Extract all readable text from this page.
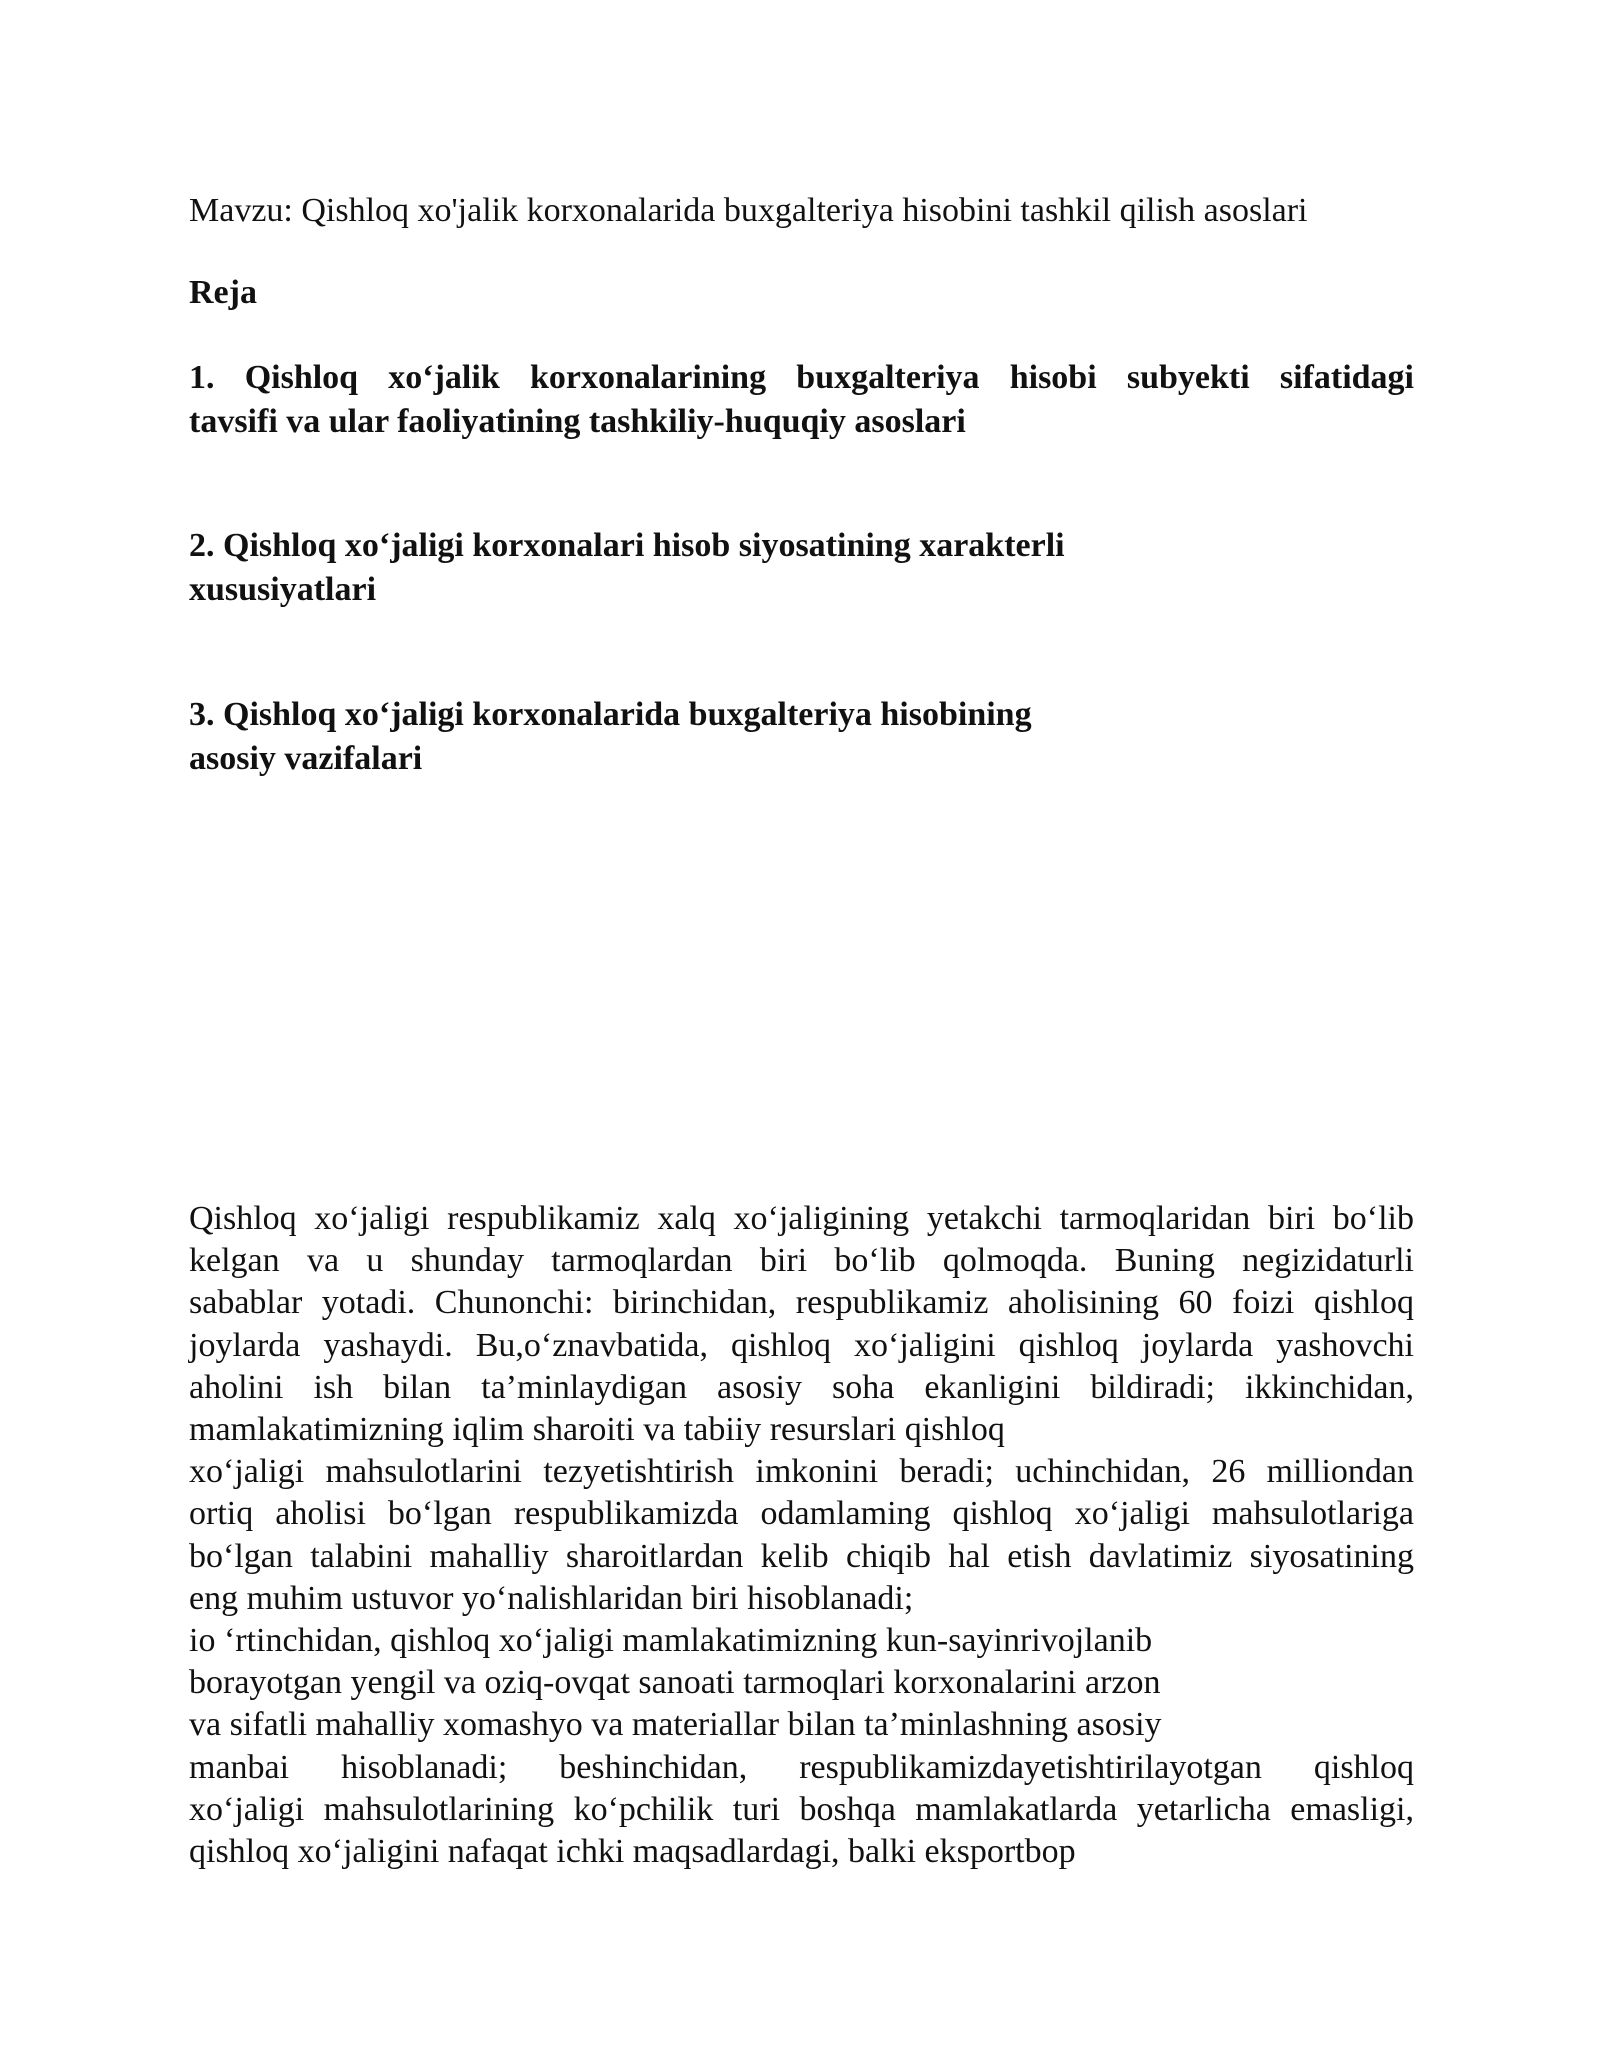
Mavzu: Qishloq xo'jalik korxonalarida buxgalteriya hisobini tashkil qilish asoslari

Reja

1. Qishloq xo‘jalik korxonalarining buxgalteriya hisobi subyekti sifatidagi
tavsifi va ular faoliyatining tashkiliy-huquqiy asoslari
2. Qishloq xo‘jaligi korxonalari hisob siyosatining xarakterli
xususiyatlari
3. Qishloq xo‘jaligi korxonalarida buxgalteriya hisobining
asosiy vazifalari
Qishloq xo‘jaligi respublikamiz xalq xo‘jaligining yetakchi tarmoqlaridan biri bo‘lib
kelgan va u shunday tarmoqlardan biri bo‘lib qolmoqda. Buning negizidaturli
sabablar yotadi. Chunonchi: birinchidan, respublikamiz aholisining 60 foizi qishloq
joylarda yashaydi. Bu,o‘znavbatida, qishloq xo‘jaligini qishloq joylarda yashovchi
aholini ish bilan ta’minlaydigan asosiy soha ekanligini bildiradi; ikkinchidan,
mamlakatimizning iqlim sharoiti va tabiiy resurslari qishloq
xo‘jaligi mahsulotlarini tezyetishtirish imkonini beradi; uchinchidan, 26 milliondan
ortiq aholisi bo‘lgan respublikamizda odamlaming qishloq xo‘jaligi mahsulotlariga
bo‘lgan talabini mahalliy sharoitlardan kelib chiqib hal etish davlatimiz siyosatining
eng muhim ustuvor yo‘nalishlaridan biri hisoblanadi;
io ‘rtinchidan, qishloq xo‘jaligi mamlakatimizning kun-sayinrivojlanib
borayotgan yengil va oziq-ovqat sanoati tarmoqlari korxonalarini arzon
va sifatli mahalliy xomashyo va materiallar bilan ta’minlashning asosiy
manbai hisoblanadi; beshinchidan, respublikamizdayetishtirilayotgan qishloq
xo‘jaligi mahsulotlarining ko‘pchilik turi boshqa mamlakatlarda yetarlicha emasligi,
qishloq xo‘jaligini nafaqat ichki maqsadlardagi, balki eksportbop
